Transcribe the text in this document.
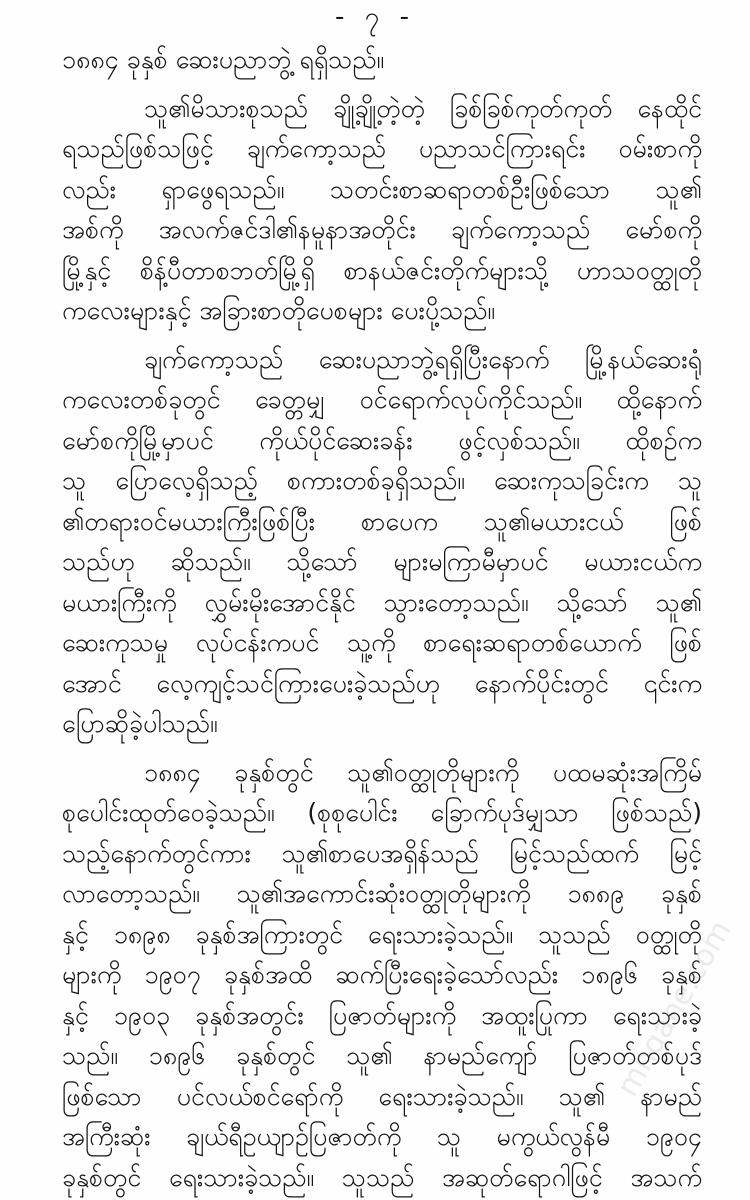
- ၇ -
၁၈၈၄ ခုနှစ် ဆေးပညာဘွဲ့ ရရှိသည်။
သူ၏မိသားစုသည် ချို့ချို့တဲ့တဲ့ ခြစ်ခြစ်ကုတ်ကုတ် နေထိုင်
ရသည်ဖြစ်သဖြင့် ချက်ကော့သည် ပညာသင်ကြားရင်း ဝမ်းစာကို
လည်း ရှာဖွေရသည်။ သတင်းစာဆရာတစ်ဦးဖြစ်သော သူ၏
အစ်ကို အလက်ဇင်ဒါ၏နမူနာအတိုင်း ချက်ကော့သည် မော်စကို
မြို့နှင့် စိန့်ပီတာစဘတ်မြို့ရှိ စာနယ်ဇင်းတိုက်များသို့ ဟာသဝတ္ထုတို
ကလေးများနှင့် အခြားစာတိုပေစများ ပေးပို့သည်။
ချက်ကော့သည် ဆေးပညာဘွဲ့ရရှိပြီးနောက် မြို့နယ်ဆေးရုံ
ကလေးတစ်ခုတွင် ခေတ္တမျှ ဝင်ရောက်လုပ်ကိုင်သည်။ ထို့နောက်
မော်စကိုမြို့မှာပင် ကိုယ်ပိုင်ဆေးခန်း ဖွင့်လှစ်သည်။ ထိုစဉ်က
သူ ပြောလေ့ရှိသည့် စကားတစ်ခုရှိသည်။ ဆေးကုသခြင်းက သူ
၏တရားဝင်မယားကြီးဖြစ်ပြီး စာပေက သူ၏မယားငယ် ဖြစ်
သည်ဟု ဆိုသည်။ သို့သော် များမကြာမီမှာပင် မယားငယ်က
မယားကြီးကို လွှမ်းမိုးအောင်နိုင် သွားတော့သည်။ သို့သော် သူ၏
ဆေးကုသမှု လုပ်ငန်းကပင် သူ့ကို စာရေးဆရာတစ်ယောက် ဖြစ်
အောင် လေ့ကျင့်သင်ကြားပေးခဲ့သည်ဟု နောက်ပိုင်းတွင် ၎င်းက
ပြောဆိုခဲ့ပါသည်။
၁၈၈၄ ခုနှစ်တွင် သူ၏ဝတ္ထုတိုများကို ပထမဆုံးအကြိမ်
စုပေါင်းထုတ်ဝေခဲ့သည်။ (စုစုပေါင်း ခြောက်ပုဒ်မျှသာ ဖြစ်သည်)
သည့်နောက်တွင်ကား သူ၏စာပေအရှိန်သည် မြင့်သည်ထက် မြင့်
လာတော့သည်။ သူ၏အကောင်းဆုံးဝတ္ထုတိုများကို ၁၈၈၉ ခုနှစ်
နှင့် ၁၈၉၈ ခုနှစ်အကြားတွင် ရေးသားခဲ့သည်။ သူသည် ဝတ္ထုတို
များကို ၁၉၀၇ ခုနှစ်အထိ ဆက်ပြီးရေးခဲ့သော်လည်း ၁၈၉၆ ခုနှစ်
နှင့် ၁၉၀၃ ခုနှစ်အတွင်း ပြဇာတ်များကို အထူးပြုကာ ရေးသားခဲ့
သည်။ ၁၈၉၆ ခုနှစ်တွင် သူ၏ နာမည်ကျော် ပြဇာတ်တစ်ပုဒ်
ဖြစ်သော ပင်လယ်စင်ရော်ကို ရေးသားခဲ့သည်။ သူ၏ နာမည်
အကြီးဆုံး ချယ်ရီဥယျာဉ်ပြဇာတ်ကို သူ မကွယ်လွန်မီ ၁၉၀၄
ခုနှစ်တွင် ရေးသားခဲ့သည်။ သူသည် အဆုတ်ရောဂါဖြင့် အသက်
mngane.com
